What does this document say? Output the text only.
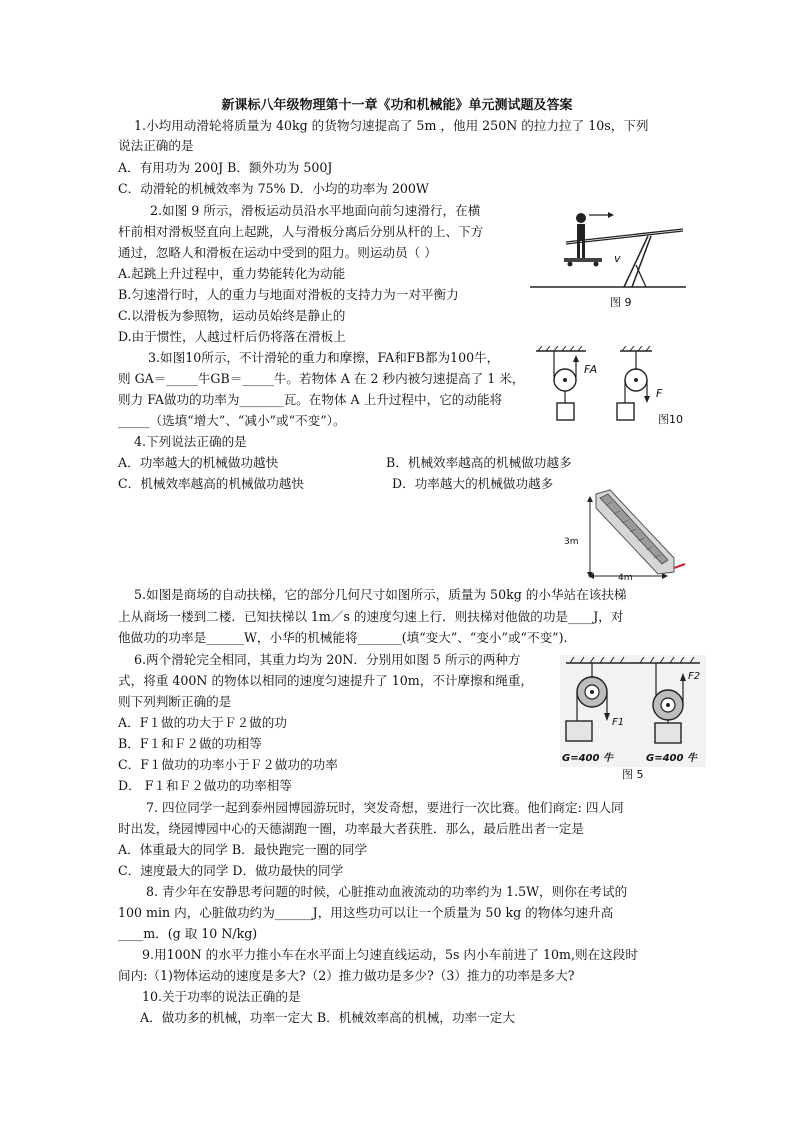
新课标八年级物理第十一章《功和机械能》单元测试题及答案
1.小均用动滑轮将质量为 40kg 的货物匀速提高了 5m ，他用 250N 的拉力拉了 10s，下列
说法正确的是
A．有用功为 200J B．额外功为 500J
C．动滑轮的机械效率为 75% D．小均的功率为 200W
2.如图 9 所示，滑板运动员沿水平地面向前匀速滑行，在横
杆前相对滑板竖直向上起跳，人与滑板分离后分别从杆的上、下方
通过，忽略人和滑板在运动中受到的阻力。则运动员（ ）
A.起跳上升过程中，重力势能转化为动能
B.匀速滑行时，人的重力与地面对滑板的支持力为一对平衡力
C.以滑板为参照物，运动员始终是静止的
D.由于惯性，人越过杆后仍将落在滑板上
3.如图10所示，不计滑轮的重力和摩擦，FA和FB都为100牛，
则 GA＝_____牛GB＝_____牛。若物体 A 在 2 秒内被匀速提高了 1 米，
则力 FA做功的功率为_______瓦。在物体 A 上升过程中，它的动能将
_____（选填“增大”、“减小”或“不变”）。
4.下列说法正确的是
A．功率越大的机械做功越快	B．机械效率越高的机械做功越多
C．机械效率越高的机械做功越快	D．功率越大的机械做功越多
5.如图是商场的自动扶梯，它的部分几何尺寸如图所示，质量为 50kg 的小华站在该扶梯
上从商场一楼到二楼．已知扶梯以 1m／s 的速度匀速上行．则扶梯对他做的功是____J，对
他做功的功率是______W，小华的机械能将_______(填“变大”、“变小”或“不变”).
6.两个滑轮完全相同，其重力均为 20N．分别用如图 5 所示的两种方
式，将重 400N 的物体以相同的速度匀速提升了 10m，不计摩擦和绳重，
则下列判断正确的是
A．F１做的功大于Ｆ２做的功
B．F１和Ｆ２做的功相等
C．F１做功的功率小于Ｆ２做功的功率
D． F１和Ｆ２做功的功率相等
7. 四位同学一起到泰州园博园游玩时，突发奇想，要进行一次比赛。他们商定: 四人同
时出发，绕园博园中心的天德湖跑一圈，功率最大者获胜．那么，最后胜出者一定是
A．体重最大的同学 B．最快跑完一圈的同学
C．速度最大的同学 D．做功最快的同学
8. 青少年在安静思考问题的时候，心脏推动血液流动的功率约为 1.5W，则你在考试的
100 min 内，心脏做功约为______J，用这些功可以让一个质量为 50 kg 的物体匀速升高
____m．(g 取 10 N/kg)
9.用100N 的水平力推小车在水平面上匀速直线运动，5s 内小车前进了 10m,则在这段时
间内:（1)物体运动的速度是多大?（2）推力做功是多少?（3）推力的功率是多大?
10.关于功率的说法正确的是
A．做功多的机械，功率一定大 B．机械效率高的机械，功率一定大
v
图 9
FA
F
图10
3m
4m
F1
F2
G=400 牛	G=400 牛
图 5
